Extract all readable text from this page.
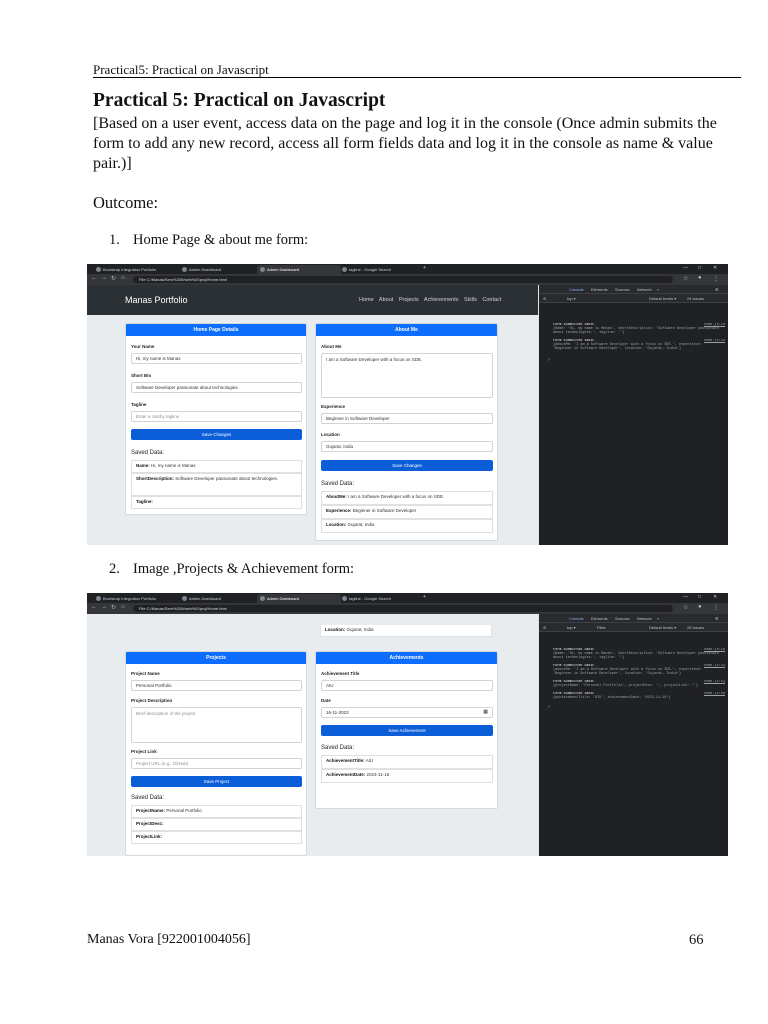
Practical5: Practical on Javascript
Practical 5: Practical on Javascript
[Based on a user event, access data on the page and log it in the console (Once admin submits the form to add any new record, access all form fields data and log it in the console as name & value pair.)]
Outcome:
1. Home Page & about me form:
2. Image ,Projects & Achievement form:
Bootstrap Integration Portfolio	Admin Dashboard	Admin Dashboard	tagline - Google Search	+	— □ ✕
← → ↻ ⌂	File C:/Manas/Sem%205/web%20proj/Home.html	☆ ● ⋮
Manas Portfolio	Home About Projects Achievements Skills Contact
Home Page Details
Your Name
Hi, my name is Manas
Short Bio
Software Developer passionate about technologies.
Tagline
Enter a catchy tagline
Save Changes
Saved Data:
Name: Hi, my name is Manas
ShortDescription: Software Developer passionate about technologies.
Tagline:
About Me
About Me
I am a Software Developer with a focus on SDE.
Experience
Beginner in Software Developer
Location
Gujarat, India
Save Changes
Saved Data:
AboutMe: I am a Software Developer with a focus on SDE.
Experience: Beginner in Software Developer
Location: Gujarat, India
Console Elements Sources Network »	⚙
⊘	top ▾	Default levels ▾	24 Issues
Form submitted data:	home.js:18
{Name: 'Hi, my name is Manas', shortDescription: 'Software Developer passionate about technologies.', tagline: ''}
Form submitted data:	home.js:33
{aboutMe: 'I am a Software Developer with a focus on SDE.', experience: 'Beginner in Software Developer', location: 'Gujarat, India'}
›
Bootstrap Integration Portfolio	Admin Dashboard	Admin Dashboard	tagline - Google Search	+	— □ ✕
← → ↻ ⌂	File C:/Manas/Sem%205/web%20proj/Home.html	☆ ● ⋮
Location: Gujarat, India
Projects
Project Name
Personal Portfolio
Project Description
Brief description of the project
Project Link
Project URL (e.g., GitHub)
Save Project
Saved Data:
ProjectName: Personal Portfolio
ProjectDesc:
ProjectLink:
Achievements
Achievement Title
AIU
Date
16-11-2023	▦
Save Achievement
Saved Data:
AchievementTitle: AIU
AchievementDate: 2023-11-16
Console Elements Sources Network »	⚙
⊘	top ▾	Filter	Default levels ▾	26 Issues
Form submitted data:	home.js:18
{Name: 'Hi, my name is Manas', shortDescription: 'Software Developer passionate about technologies.', tagline: ''}
Form submitted data:	home.js:33
{aboutMe: 'I am a Software Developer with a focus on SDE.', experience: 'Beginner in Software Developer', location: 'Gujarat, India'}
Form submitted data:	home.js:53
{projectName: 'Personal Portfolio', projectDesc: '', projectLink: ''}
Form submitted data:	home.js:68
{achievementTitle: 'AIU', achievementDate: '2023-11-16'}
›
Manas Vora [922001004056]	66
